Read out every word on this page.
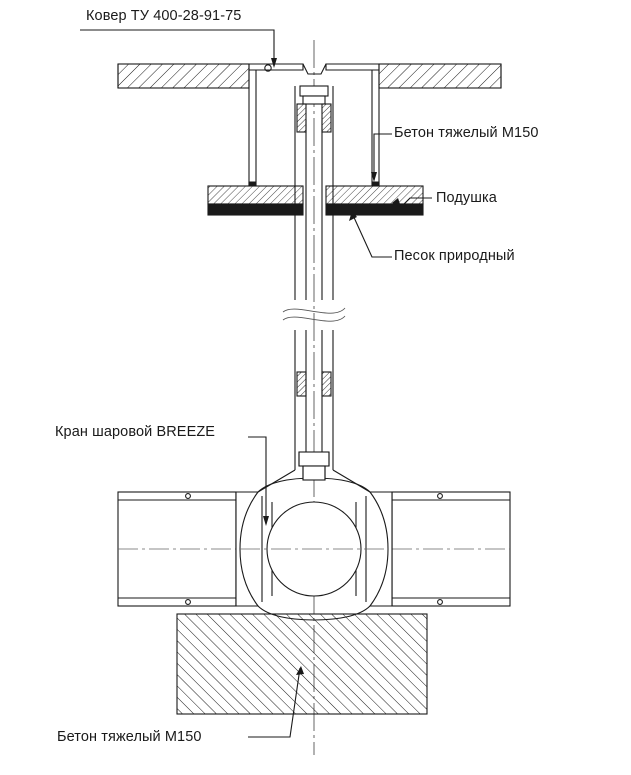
Ковер ТУ 400-28-91-75
Бетон тяжелый М150
Подушка
Песок природный
Кран шаровой BREEZE
Бетон тяжелый М150
